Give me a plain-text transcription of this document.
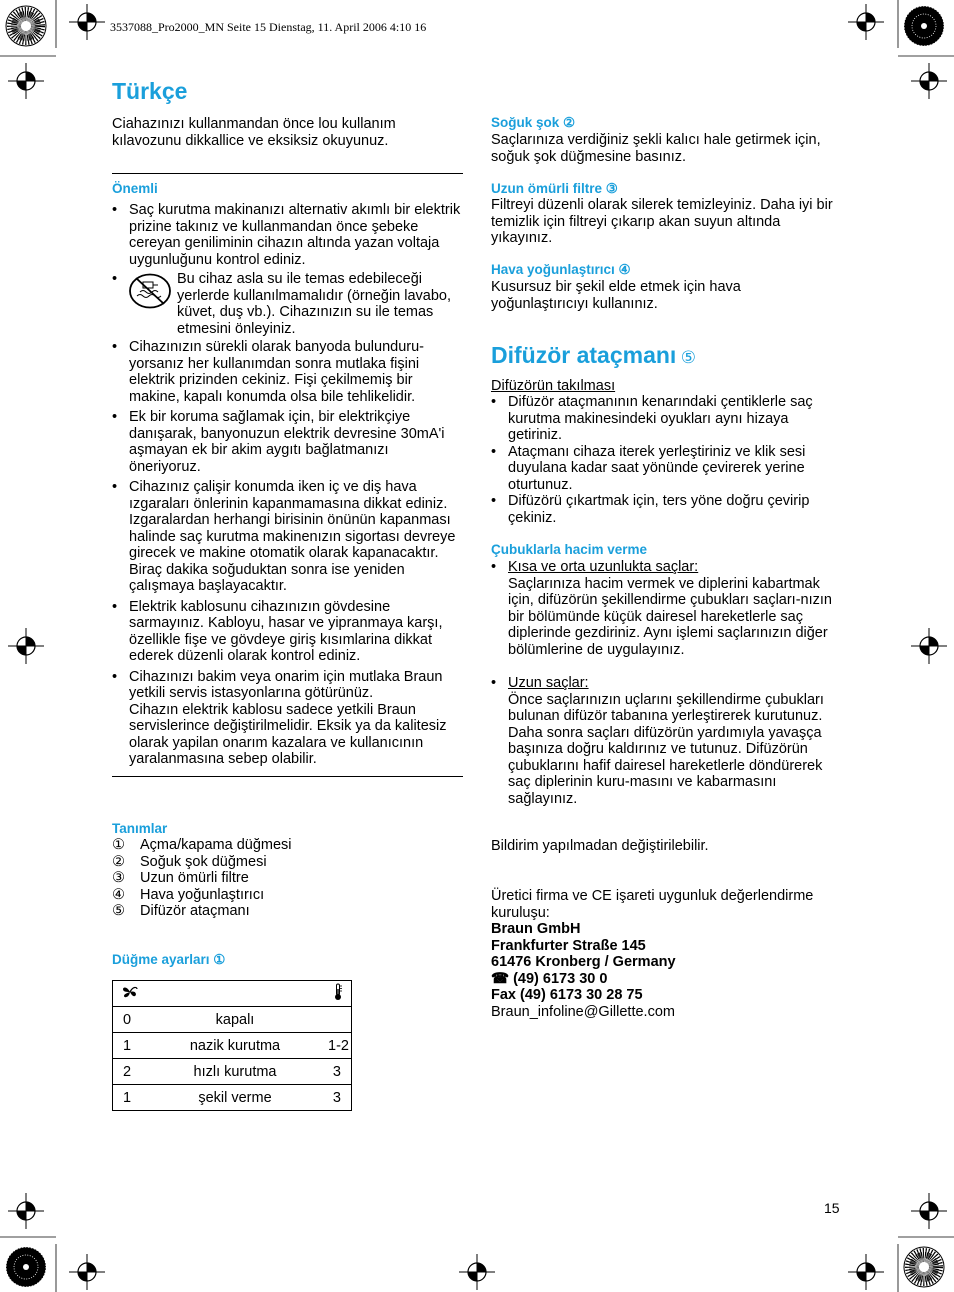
3537088_Pro2000_MN Seite 15 Dienstag, 11. April 2006 4:10 16
Türkçe
Ciahazınızı kullanmandan önce lou kullanım kılavozunu dikkallice ve eksiksiz okuyunuz.
Önemli
• Saç kurutma makinanızı alternativ akımlı bir elektrik prizine takınız ve kullanmandan önce şebeke cereyan geniliminin cihazın altında yazan voltaja uygunluğunu kontrol ediniz.
• Bu cihaz asla su ile temas edebileceği yerlerde kullanılmamalıdır (örneğin lavabo, küvet, duş vb.). Cihazınızın su ile temas etmesini önleyiniz.
• Cihazınızın sürekli olarak banyoda bulunduru-yorsanız her kullanımdan sonra mutlaka fişini elektrik prizinden cekiniz. Fişi çekilmemiş bir makine, kapalı konumda olsa bile tehlikelidir.
• Ek bir koruma sağlamak için, bir elektrikçiye danışarak, banyonuzun elektrik devresine 30mA'i aşmayan ek bir akim aygıtı bağlatmanızı öneriyoruz.
• Cihazınız çalişir konumda iken iç ve diş hava ızgaraları önlerinin kapanmamasına dikkat ediniz. Izgaralardan herhangi birisinin önünün kapanması halinde saç kurutma makinenızın sigortası devreye girecek ve makine otomatik olarak kapanacaktır. Biraç dakika soğuduktan sonra ise yeniden çalışmaya başlayacaktır.
• Elektrik kablosunu cihazınızın gövdesine sarmayınız. Kabloyu, hasar ve yipranmaya karşı, özellikle fişe ve gövdeye giriş kısımlarina dikkat ederek düzenli olarak kontrol ediniz.
• Cihazınızı bakim veya onarim için mutlaka Braun yetkili servis istasyonlarına götürünüz.
Cihazın elektrik kablosu sadece yetkili Braun servislerince değiştirilmelidir. Eksik ya da kalitesiz olarak yapilan onarım kazalara ve kullanıcının yaralanmasına sebep olabilir.
Tanımlar
①	Açma/kapama düğmesi
②	Soğuk şok düğmesi
③	Uzun ömürli filtre
④	Hava yoğunlaştırıcı
⑤	Difüzör ataçmanı
Düğme ayarları ①

0	kapalı	
1	nazik kurutma	1-2
2	hızlı kurutma	3
1	şekil verme	3
Soğuk şok ②
Saçlarınıza verdiğiniz şekli kalıcı hale getirmek için, soğuk şok düğmesine basınız.
Uzun ömürli filtre ③
Filtreyi düzenli olarak silerek temizleyiniz. Daha iyi bir temizlik için filtreyi çıkarıp akan suyun altında yıkayınız.
Hava yoğunlaştırıcı ④
Kusursuz bir şekil elde etmek için hava yoğunlaştırıcıyı kullanınız.
Difüzör ataçmanı ⑤
Difüzörün takılması
• Difüzör ataçmanının kenarındaki çentiklerle saç kurutma makinesindeki oyukları aynı hizaya getiriniz.
• Ataçmanı cihaza iterek yerleştiriniz ve klik sesi duyulana kadar saat yönünde çevirerek yerine oturtunuz.
• Difüzörü çıkartmak için, ters yöne doğru çevirip çekiniz.
Çubuklarla hacim verme
• Kısa ve orta uzunlukta saçlar:
Saçlarınıza hacim vermek ve diplerini kabartmak için, difüzörün şekillendirme çubukları saçları-nızın bir bölümünde küçük dairesel hareketlerle saç diplerinde gezdiriniz. Aynı işlemi saçlarınızın diğer bölümlerine de uygulayınız.
• Uzun saçlar:
Önce saçlarınızın uçlarını şekillendirme çubukları bulunan difüzör tabanına yerleştirerek kurutunuz. Daha sonra saçları difüzörün yardımıyla yavaşça başınıza doğru kaldırınız ve tutunuz. Difüzörün çubuklarını hafif dairesel hareketlerle döndürerek saç diplerinin kuru-masını ve kabarmasını sağlayınız.
Bildirim yapılmadan değiştirilebilir.
Üretici firma ve CE işareti uygunluk değerlendirme kuruluşu:
Braun GmbH
Frankfurter Straße 145
61476 Kronberg / Germany
☎ (49) 6173 30 0
Fax (49) 6173 30 28 75
Braun_infoline@Gillette.com
15
